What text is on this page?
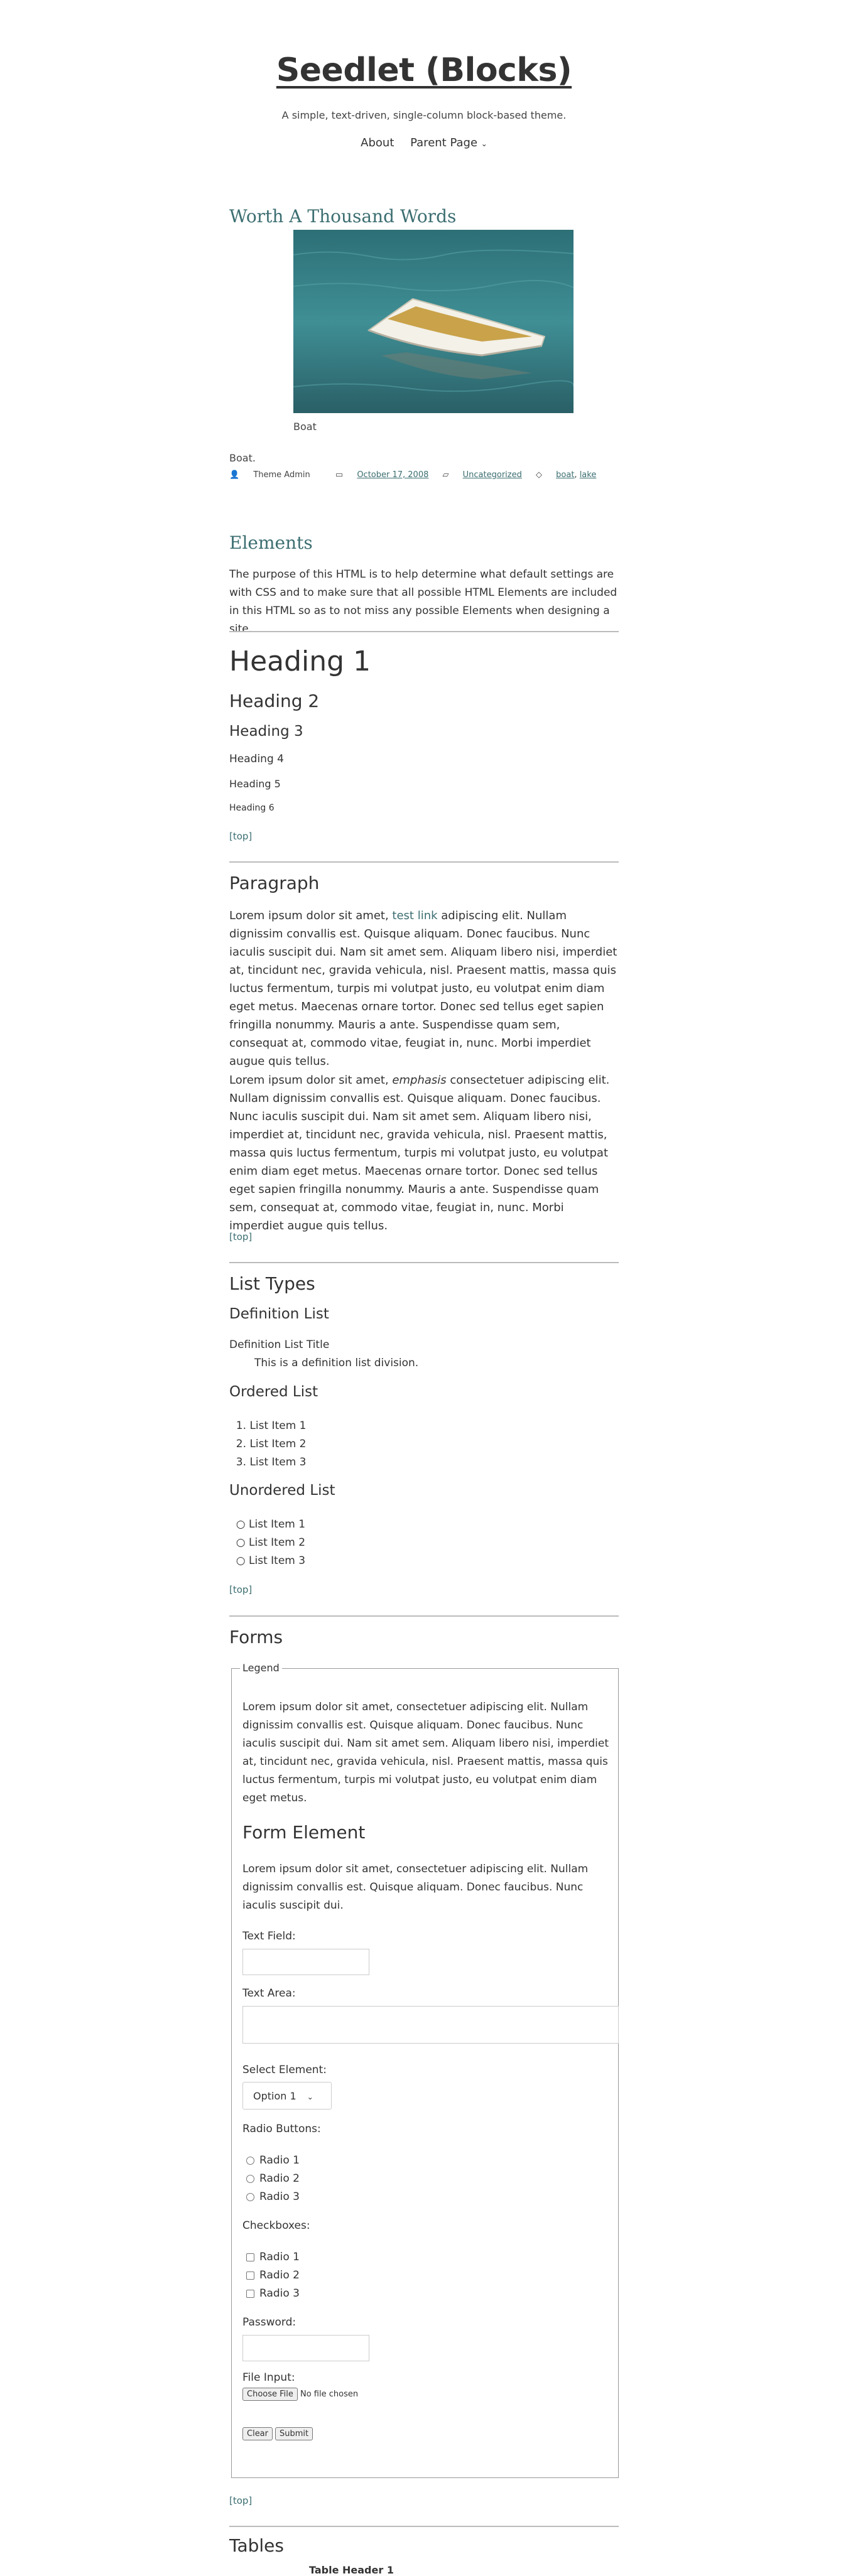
Seedlet (Blocks)
A simple, text-driven, single-column block-based theme.
About Parent Page ⌄
Worth A Thousand Words
Boat
Boat.
👤 Theme Admin	▭ October 17, 2008 ▱ Uncategorized ◇ boat, lake
Elements
The purpose of this HTML is to help determine what default settings are with CSS and to make sure that all possible HTML Elements are included in this HTML so as to not miss any possible Elements when designing a site.
Heading 1
Heading 2
Heading 3
Heading 4
Heading 5
Heading 6
[top]
Paragraph
Lorem ipsum dolor sit amet, test link adipiscing elit. Nullam dignissim convallis est. Quisque aliquam. Donec faucibus. Nunc iaculis suscipit dui. Nam sit amet sem. Aliquam libero nisi, imperdiet at, tincidunt nec, gravida vehicula, nisl. Praesent mattis, massa quis luctus fermentum, turpis mi volutpat justo, eu volutpat enim diam eget metus. Maecenas ornare tortor. Donec sed tellus eget sapien fringilla nonummy. Mauris a ante. Suspendisse quam sem, consequat at, commodo vitae, feugiat in, nunc. Morbi imperdiet augue quis tellus.
Lorem ipsum dolor sit amet, emphasis consectetuer adipiscing elit. Nullam dignissim convallis est. Quisque aliquam. Donec faucibus. Nunc iaculis suscipit dui. Nam sit amet sem. Aliquam libero nisi, imperdiet at, tincidunt nec, gravida vehicula, nisl. Praesent mattis, massa quis luctus fermentum, turpis mi volutpat justo, eu volutpat enim diam eget metus. Maecenas ornare tortor. Donec sed tellus eget sapien fringilla nonummy. Mauris a ante. Suspendisse quam sem, consequat at, commodo vitae, feugiat in, nunc. Morbi imperdiet augue quis tellus.
[top]
List Types
Definition List
Definition List Title
This is a definition list division.
Ordered List
1. List Item 1
2. List Item 2
3. List Item 3
Unordered List
○ List Item 1
○ List Item 2
○ List Item 3
[top]
Forms
Legend
Lorem ipsum dolor sit amet, consectetuer adipiscing elit. Nullam dignissim convallis est. Quisque aliquam. Donec faucibus. Nunc iaculis suscipit dui. Nam sit amet sem. Aliquam libero nisi, imperdiet at, tincidunt nec, gravida vehicula, nisl. Praesent mattis, massa quis luctus fermentum, turpis mi volutpat justo, eu volutpat enim diam eget metus.
Form Element
Lorem ipsum dolor sit amet, consectetuer adipiscing elit. Nullam dignissim convallis est. Quisque aliquam. Donec faucibus. Nunc iaculis suscipit dui.
Text Field:
Text Area:
Select Element:
Option 1 ⌄
Radio Buttons:
Radio 1
Radio 2
Radio 3
Checkboxes:
Radio 1
Radio 2
Radio 3
Password:
File Input:
Choose File No file chosen
Clear	Submit
[top]
Tables
Table Header 1
